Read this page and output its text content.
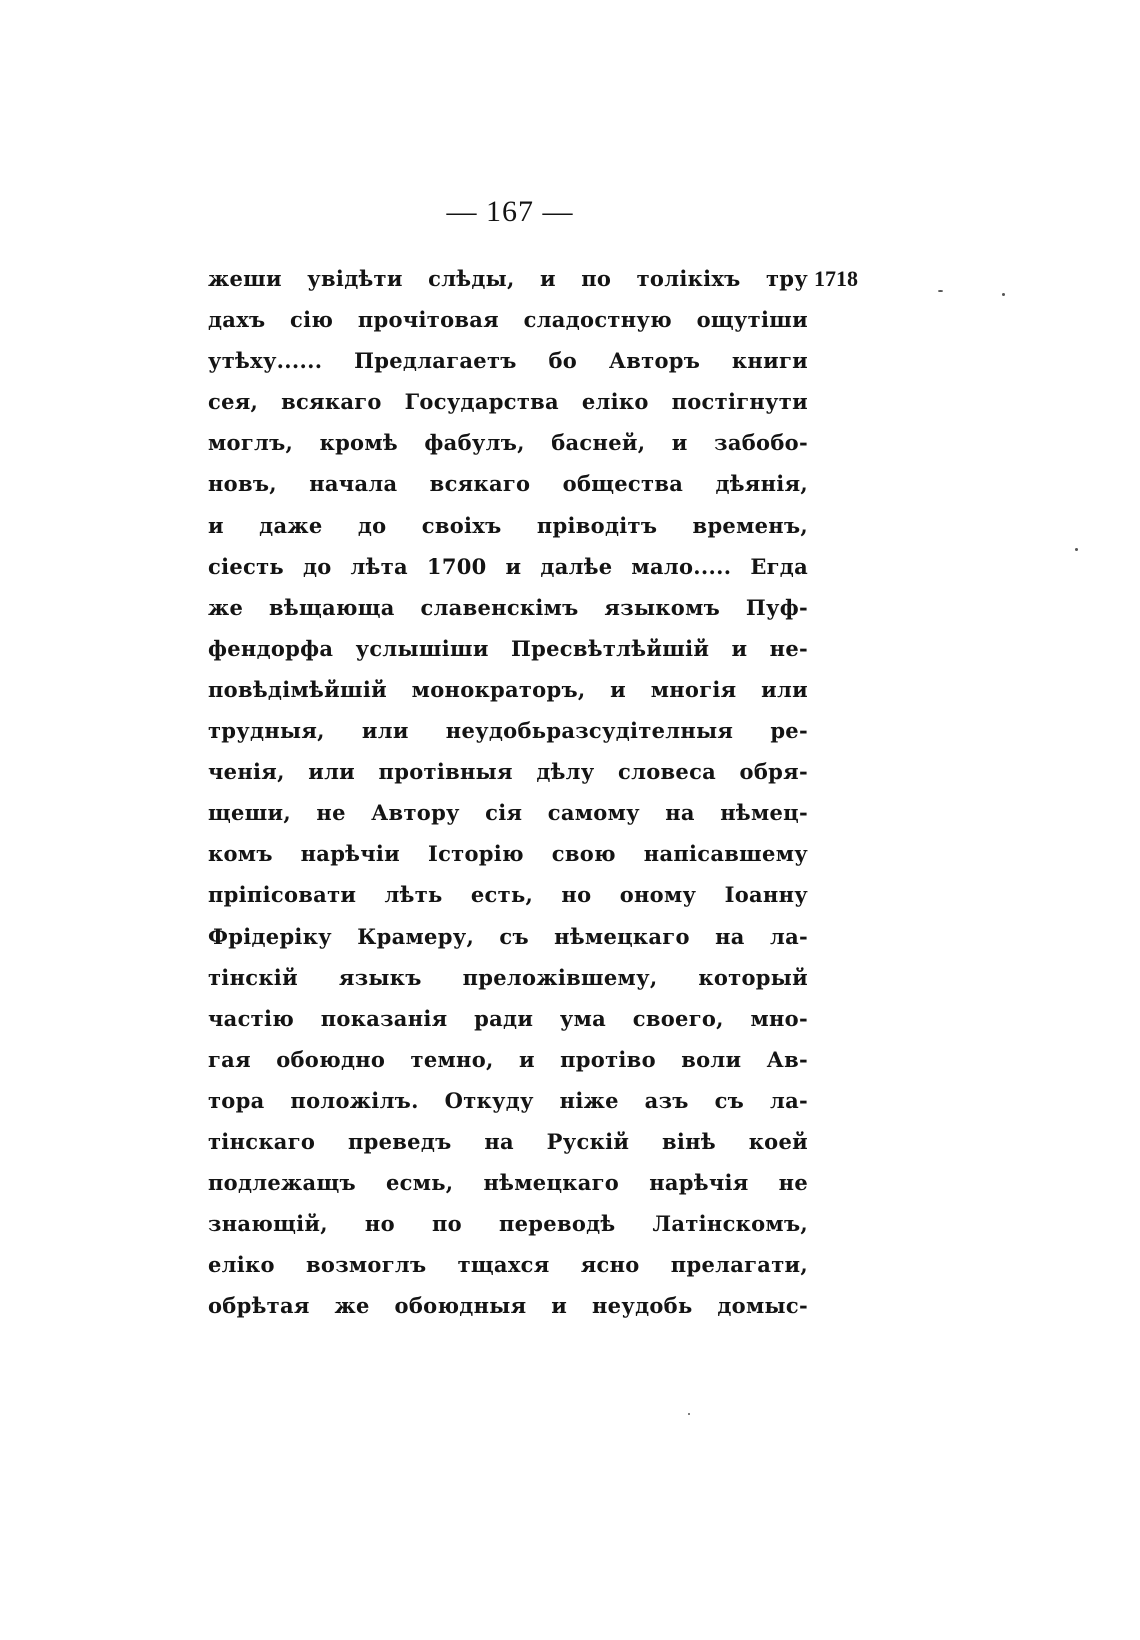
— 167 —
жеши увідѣти слѣды, и по толікіхъ тру
дахъ сію прочітовая сладостную ощутіши
утѣху...... Предлагаетъ бо Авторъ книги
сея, всякаго Государства еліко постігнути
моглъ, кромѣ фабулъ, басней, и забобо-
новъ, начала всякаго общества дѣянія,
и даже до своіхъ пріводітъ временъ,
сіесть до лѣта 1700 и далѣе мало..... Егда
же вѣщающа славенскімъ языкомъ Пуф-
фендорфа услышіши Пресвѣтлѣйшій и не-
повѣдімѣйшій монократоръ, и многія или
трудныя, или неудобьразсудітелныя ре-
ченія, или протівныя дѣлу словеса обря-
щеши, не Автору сія самому на нѣмец-
комъ нарѣчіи Історію свою напісавшему
пріпісовати лѣть есть, но оному Іоанну
Фрідеріку Крамеру, съ нѣмецкаго на ла-
тінскій языкъ преложівшему, который
частію показанія ради ума своего, мно-
гая обоюдно темно, и протіво воли Ав-
тора положілъ. Откуду ніже азъ съ ла-
тінскаго преведъ на Рускій вінѣ коей
подлежащъ есмь, нѣмецкаго нарѣчія не
знающій, но по переводѣ Латінскомъ,
еліко возмоглъ тщахся ясно прелагати,
обрѣтая же обоюдныя и неудобь домыс-
1718
